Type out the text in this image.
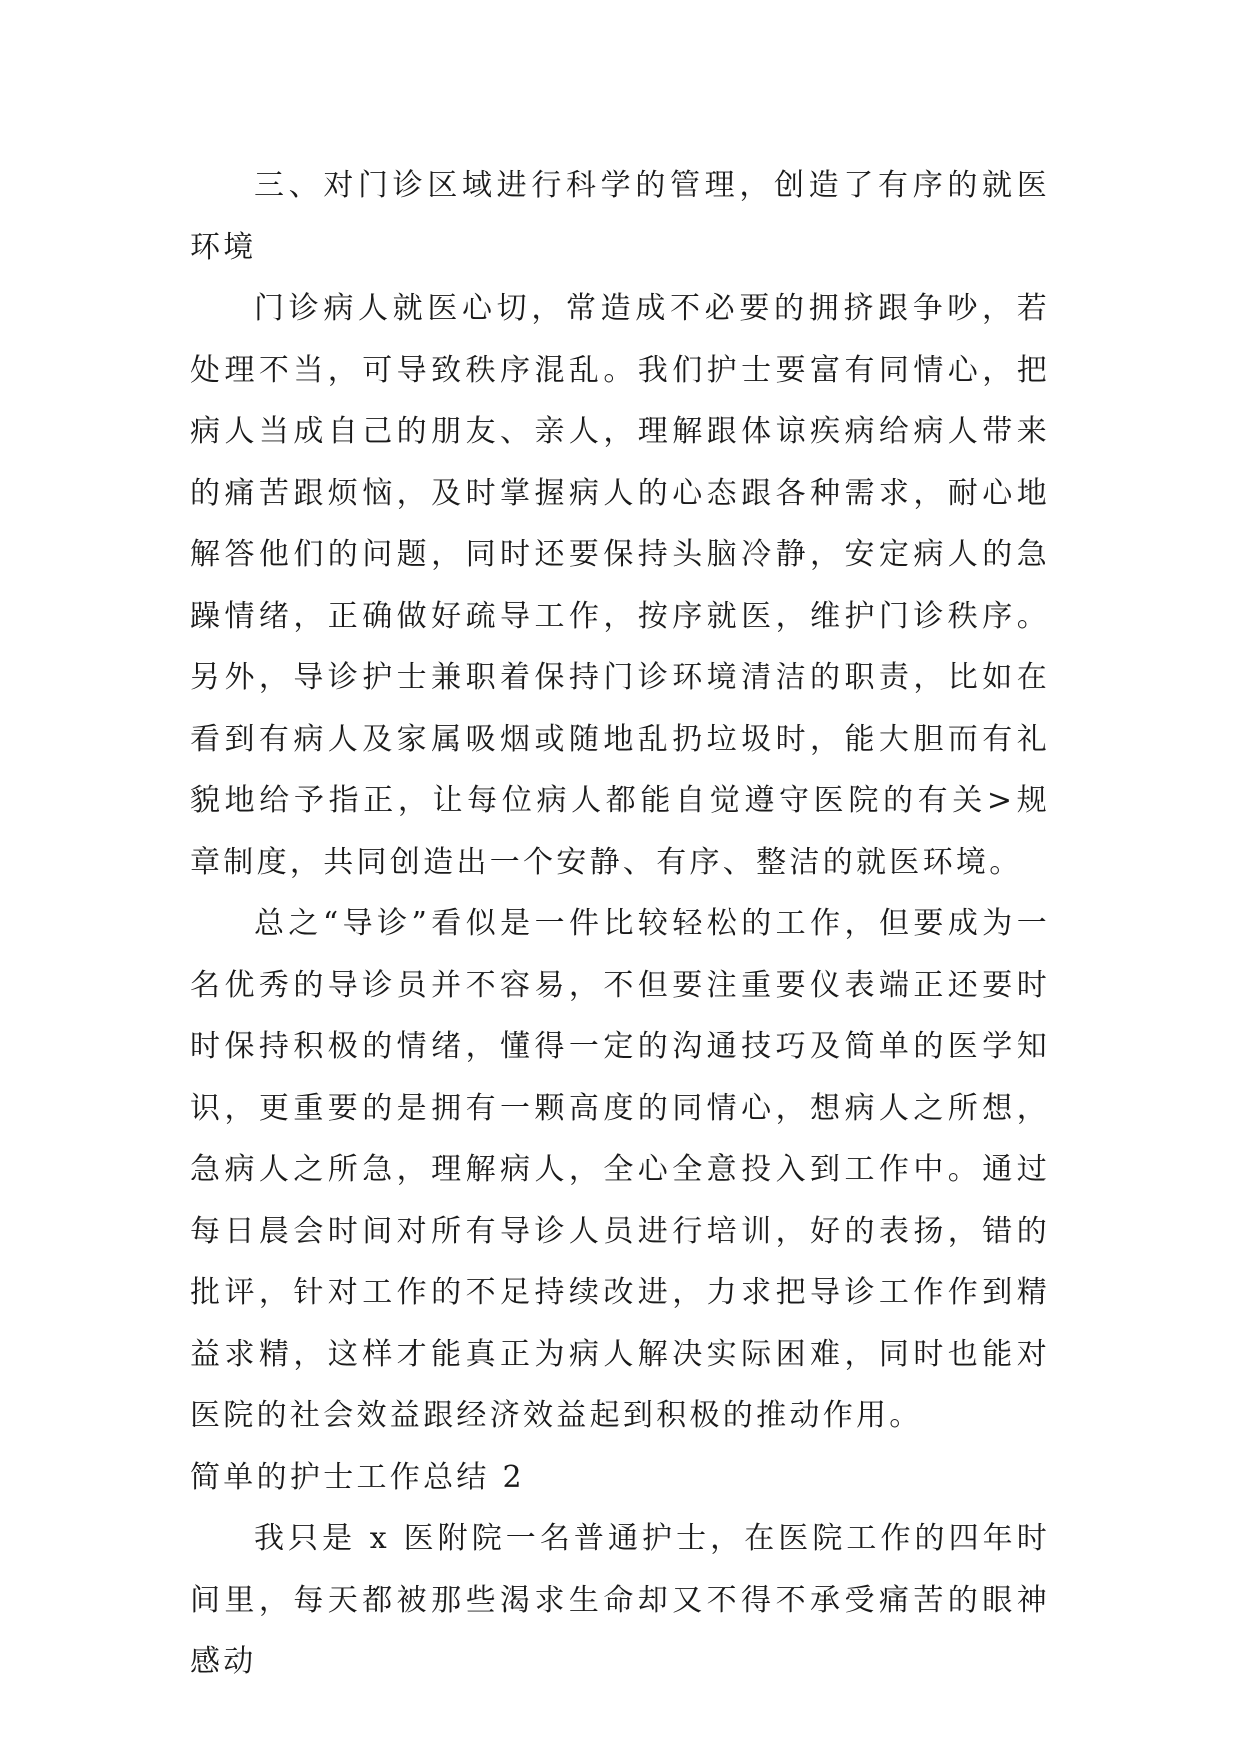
三、对门诊区域进行科学的管理，创造了有序的就医环境

门诊病人就医心切，常造成不必要的拥挤跟争吵，若处理不当，可导致秩序混乱。我们护士要富有同情心，把病人当成自己的朋友、亲人，理解跟体谅疾病给病人带来的痛苦跟烦恼，及时掌握病人的心态跟各种需求，耐心地解答他们的问题，同时还要保持头脑冷静，安定病人的急躁情绪，正确做好疏导工作，按序就医，维护门诊秩序。另外，导诊护士兼职着保持门诊环境清洁的职责，比如在看到有病人及家属吸烟或随地乱扔垃圾时，能大胆而有礼貌地给予指正，让每位病人都能自觉遵守医院的有关>规章制度，共同创造出一个安静、有序、整洁的就医环境。

总之“导诊”看似是一件比较轻松的工作，但要成为一名优秀的导诊员并不容易，不但要注重要仪表端正还要时时保持积极的情绪，懂得一定的沟通技巧及简单的医学知识，更重要的是拥有一颗高度的同情心，想病人之所想，急病人之所急，理解病人，全心全意投入到工作中。通过每日晨会时间对所有导诊人员进行培训，好的表扬，错的批评，针对工作的不足持续改进，力求把导诊工作作到精益求精，这样才能真正为病人解决实际困难，同时也能对医院的社会效益跟经济效益起到积极的推动作用。

简单的护士工作总结 2

我只是 x 医附院一名普通护士，在医院工作的四年时间里，每天都被那些渴求生命却又不得不承受痛苦的眼神感动
